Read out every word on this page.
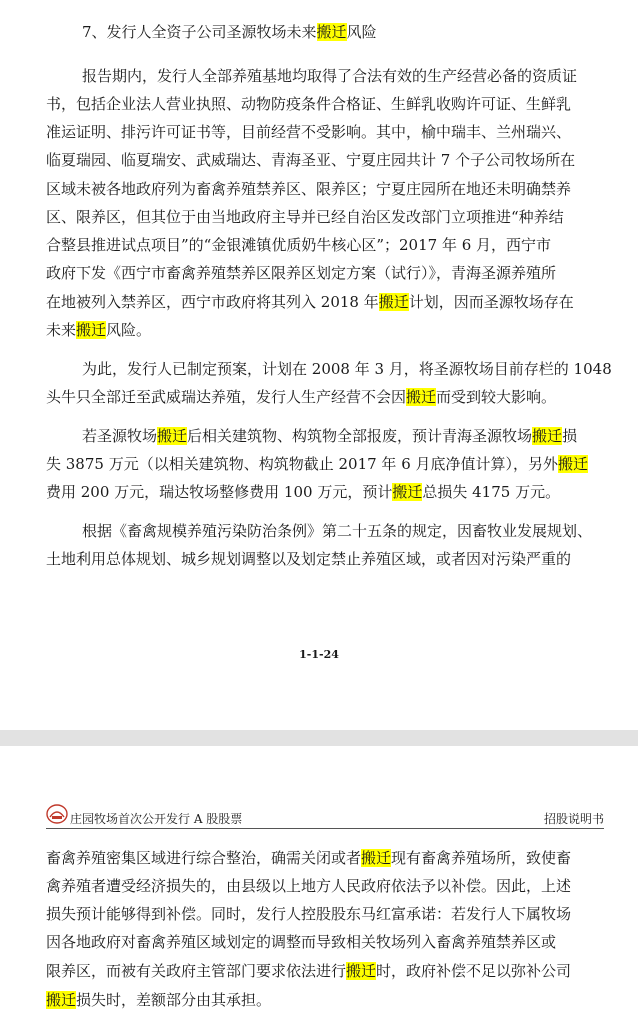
7、发行人全资子公司圣源牧场未来搬迁风险
报告期内，发行人全部养殖基地均取得了合法有效的生产经营必备的资质证
书，包括企业法人营业执照、动物防疫条件合格证、生鲜乳收购许可证、生鲜乳
准运证明、排污许可证书等，目前经营不受影响。其中，榆中瑞丰、兰州瑞兴、
临夏瑞园、临夏瑞安、武威瑞达、青海圣亚、宁夏庄园共计 7 个子公司牧场所在
区域未被各地政府列为畜禽养殖禁养区、限养区；宁夏庄园所在地还未明确禁养
区、限养区，但其位于由当地政府主导并已经自治区发改部门立项推进“种养结
合整县推进试点项目”的“金银滩镇优质奶牛核心区”；2017 年 6 月，西宁市
政府下发《西宁市畜禽养殖禁养区限养区划定方案（试行）》，青海圣源养殖所
在地被列入禁养区，西宁市政府将其列入 2018 年搬迁计划，因而圣源牧场存在
未来搬迁风险。
为此，发行人已制定预案，计划在 2008 年 3 月，将圣源牧场目前存栏的 1048
头牛只全部迁至武威瑞达养殖，发行人生产经营不会因搬迁而受到较大影响。
若圣源牧场搬迁后相关建筑物、构筑物全部报废，预计青海圣源牧场搬迁损
失 3875 万元（以相关建筑物、构筑物截止 2017 年 6 月底净值计算），另外搬迁
费用 200 万元，瑞达牧场整修费用 100 万元，预计搬迁总损失 4175 万元。
根据《畜禽规模养殖污染防治条例》第二十五条的规定，因畜牧业发展规划、
土地利用总体规划、城乡规划调整以及划定禁止养殖区域，或者因对污染严重的
1-1-24
庄园牧场首次公开发行 A 股股票	招股说明书
畜禽养殖密集区域进行综合整治，确需关闭或者搬迁现有畜禽养殖场所，致使畜
禽养殖者遭受经济损失的，由县级以上地方人民政府依法予以补偿。因此，上述
损失预计能够得到补偿。同时，发行人控股股东马红富承诺：若发行人下属牧场
因各地政府对畜禽养殖区域划定的调整而导致相关牧场列入畜禽养殖禁养区或
限养区，而被有关政府主管部门要求依法进行搬迁时，政府补偿不足以弥补公司
搬迁损失时，差额部分由其承担。
